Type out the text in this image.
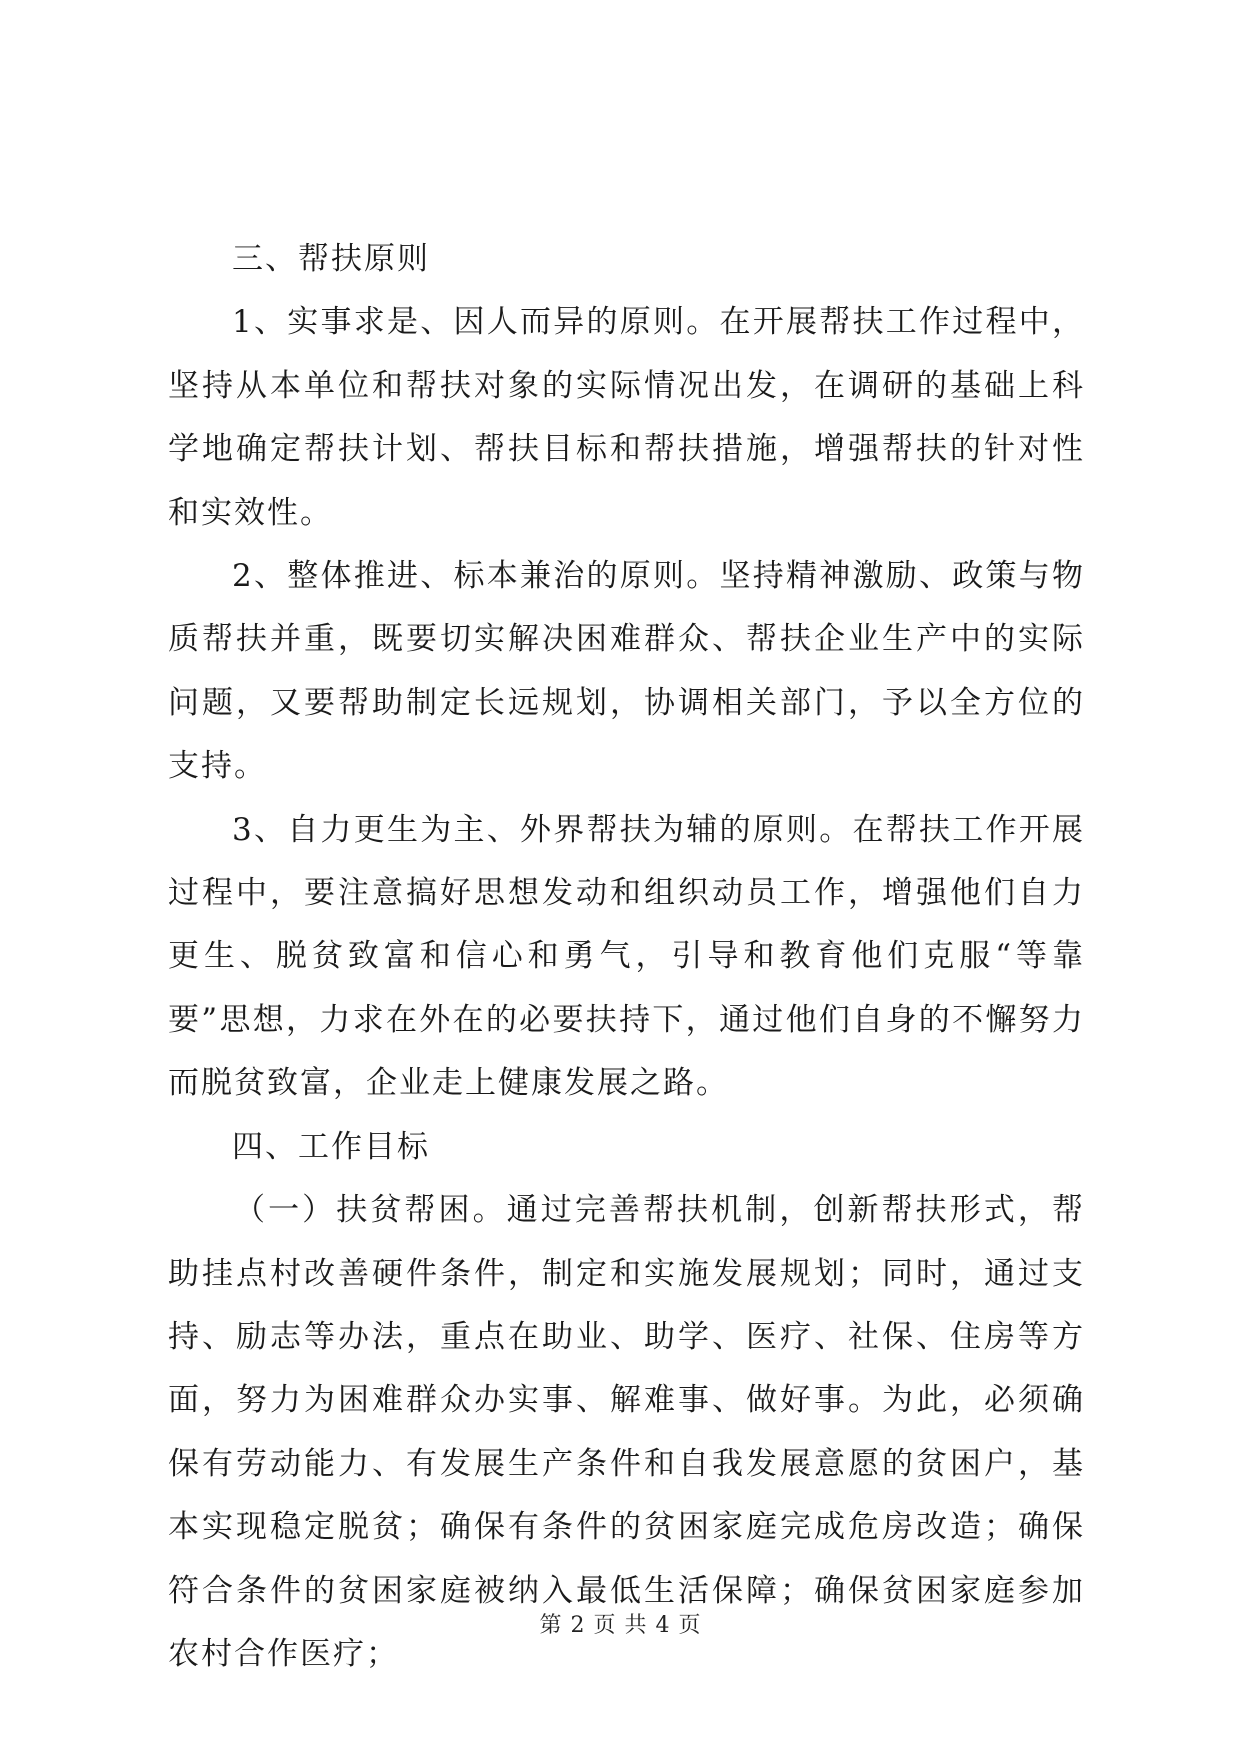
三、帮扶原则

1、实事求是、因人而异的原则。在开展帮扶工作过程中，坚持从本单位和帮扶对象的实际情况出发，在调研的基础上科学地确定帮扶计划、帮扶目标和帮扶措施，增强帮扶的针对性和实效性。

2、整体推进、标本兼治的原则。坚持精神激励、政策与物质帮扶并重，既要切实解决困难群众、帮扶企业生产中的实际问题，又要帮助制定长远规划，协调相关部门，予以全方位的支持。

3、自力更生为主、外界帮扶为辅的原则。在帮扶工作开展过程中，要注意搞好思想发动和组织动员工作，增强他们自力更生、脱贫致富和信心和勇气，引导和教育他们克服“等靠要”思想，力求在外在的必要扶持下，通过他们自身的不懈努力而脱贫致富，企业走上健康发展之路。

四、工作目标

（一）扶贫帮困。通过完善帮扶机制，创新帮扶形式，帮助挂点村改善硬件条件，制定和实施发展规划；同时，通过支持、励志等办法，重点在助业、助学、医疗、社保、住房等方面，努力为困难群众办实事、解难事、做好事。为此，必须确保有劳动能力、有发展生产条件和自我发展意愿的贫困户，基本实现稳定脱贫；确保有条件的贫困家庭完成危房改造；确保符合条件的贫困家庭被纳入最低生活保障；确保贫困家庭参加农村合作医疗；

第 2 页 共 4 页
